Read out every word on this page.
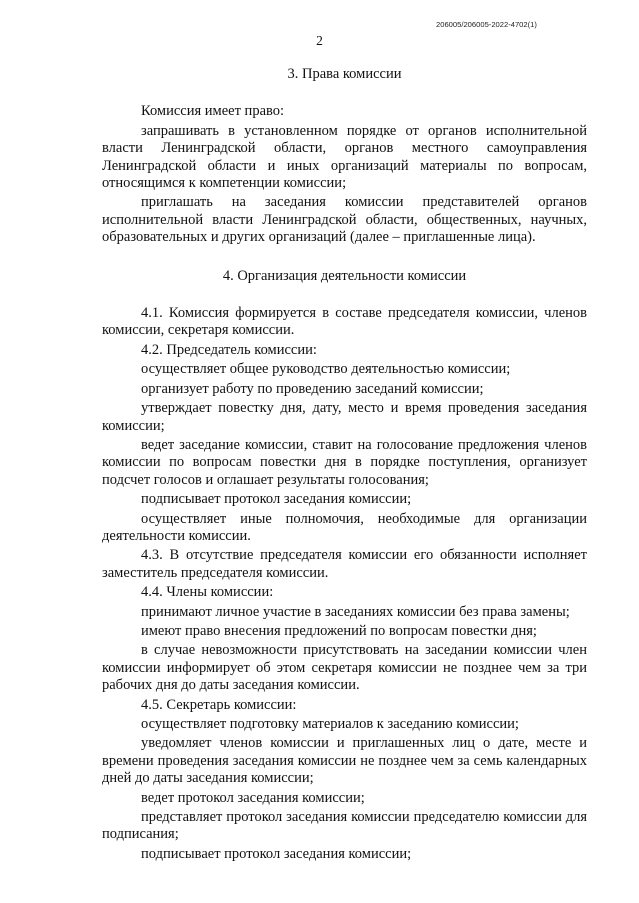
206005/206005-2022-4702(1)
2
3. Права комиссии

Комиссия имеет право:

запрашивать в установленном порядке от органов исполнительной власти Ленинградской области, органов местного самоуправления Ленинградской области и иных организаций материалы по вопросам, относящимся к компетенции комиссии;

приглашать на заседания комиссии представителей органов исполнительной власти Ленинградской области, общественных, научных, образовательных и других организаций (далее – приглашенные лица).

4. Организация деятельности комиссии

4.1. Комиссия формируется в составе председателя комиссии, членов комиссии, секретаря комиссии.

4.2. Председатель комиссии:

осуществляет общее руководство деятельностью комиссии;

организует работу по проведению заседаний комиссии;

утверждает повестку дня, дату, место и время проведения заседания комиссии;

ведет заседание комиссии, ставит на голосование предложения членов комиссии по вопросам повестки дня в порядке поступления, организует подсчет голосов и оглашает результаты голосования;

подписывает протокол заседания комиссии;

осуществляет иные полномочия, необходимые для организации деятельности комиссии.

4.3. В отсутствие председателя комиссии его обязанности исполняет заместитель председателя комиссии.

4.4. Члены комиссии:

принимают личное участие в заседаниях комиссии без права замены;

имеют право внесения предложений по вопросам повестки дня;

в случае невозможности присутствовать на заседании комиссии член комиссии информирует об этом секретаря комиссии не позднее чем за три рабочих дня до даты заседания комиссии.

4.5. Секретарь комиссии:

осуществляет подготовку материалов к заседанию комиссии;

уведомляет членов комиссии и приглашенных лиц о дате, месте и времени проведения заседания комиссии не позднее чем за семь календарных дней до даты заседания комиссии;

ведет протокол заседания комиссии;

представляет протокол заседания комиссии председателю комиссии для подписания;

подписывает протокол заседания комиссии;
